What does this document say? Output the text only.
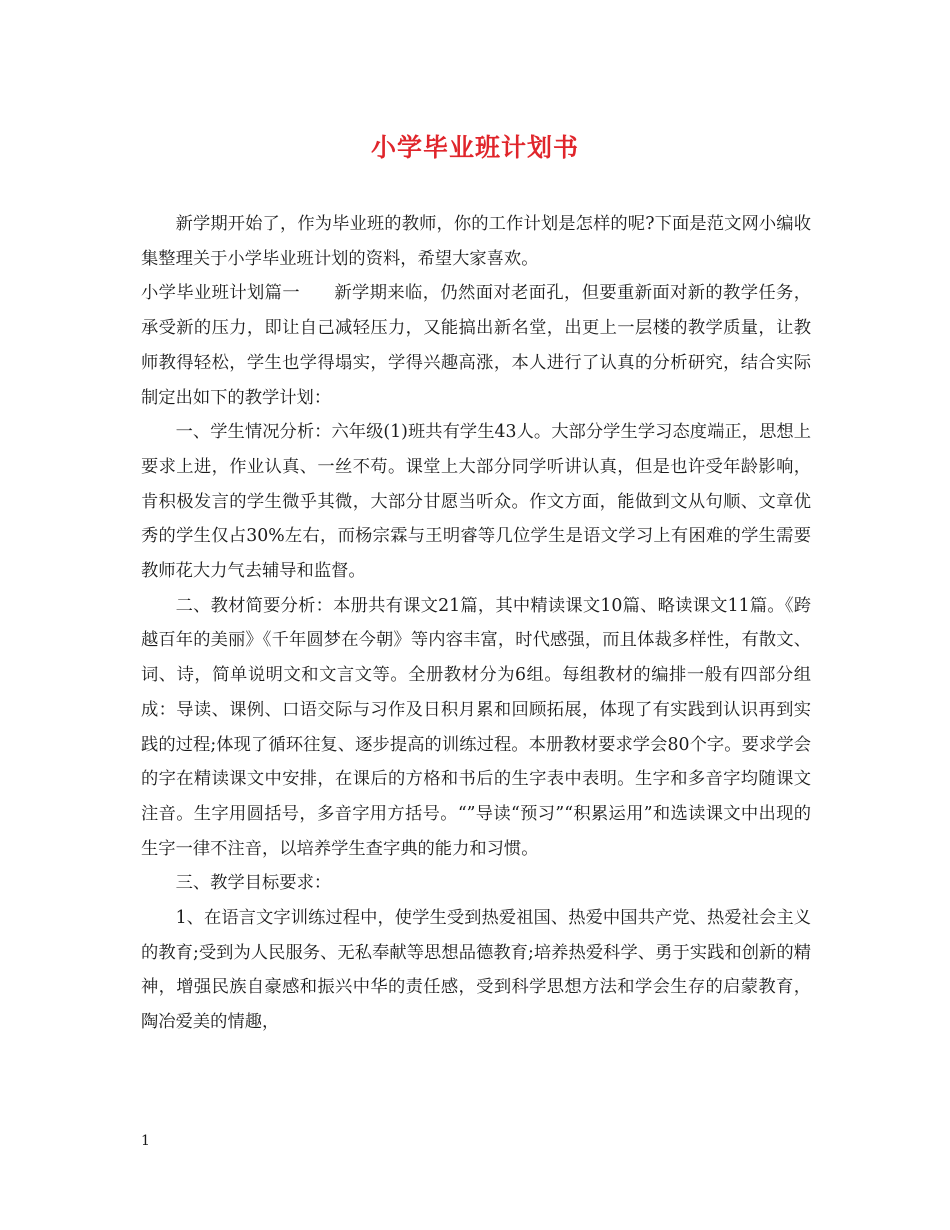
小学毕业班计划书

新学期开始了，作为毕业班的教师，你的工作计划是怎样的呢?下面是范文网小编收集整理关于小学毕业班计划的资料，希望大家喜欢。

小学毕业班计划篇一 新学期来临，仍然面对老面孔，但要重新面对新的教学任务，承受新的压力，即让自己减轻压力，又能搞出新名堂，出更上一层楼的教学质量，让教师教得轻松，学生也学得塌实，学得兴趣高涨，本人进行了认真的分析研究，结合实际制定出如下的教学计划：

一、学生情况分析：六年级(1)班共有学生43人。大部分学生学习态度端正，思想上要求上进，作业认真、一丝不苟。课堂上大部分同学听讲认真，但是也许受年龄影响，肯积极发言的学生微乎其微，大部分甘愿当听众。作文方面，能做到文从句顺、文章优秀的学生仅占30%左右，而杨宗霖与王明睿等几位学生是语文学习上有困难的学生需要教师花大力气去辅导和监督。

二、教材简要分析：本册共有课文21篇，其中精读课文10篇、略读课文11篇。《跨越百年的美丽》《千年圆梦在今朝》等内容丰富，时代感强，而且体裁多样性，有散文、词、诗，简单说明文和文言文等。全册教材分为6组。每组教材的编排一般有四部分组成：导读、课例、口语交际与习作及日积月累和回顾拓展，体现了有实践到认识再到实践的过程;体现了循环往复、逐步提高的训练过程。本册教材要求学会80个字。要求学会的字在精读课文中安排，在课后的方格和书后的生字表中表明。生字和多音字均随课文注音。生字用圆括号，多音字用方括号。“”导读“预习”“积累运用”和选读课文中出现的生字一律不注音，以培养学生查字典的能力和习惯。

三、教学目标要求：

1、在语言文字训练过程中，使学生受到热爱祖国、热爱中国共产党、热爱社会主义的教育;受到为人民服务、无私奉献等思想品德教育;培养热爱科学、勇于实践和创新的精神，增强民族自豪感和振兴中华的责任感，受到科学思想方法和学会生存的启蒙教育，陶冶爱美的情趣，

1
